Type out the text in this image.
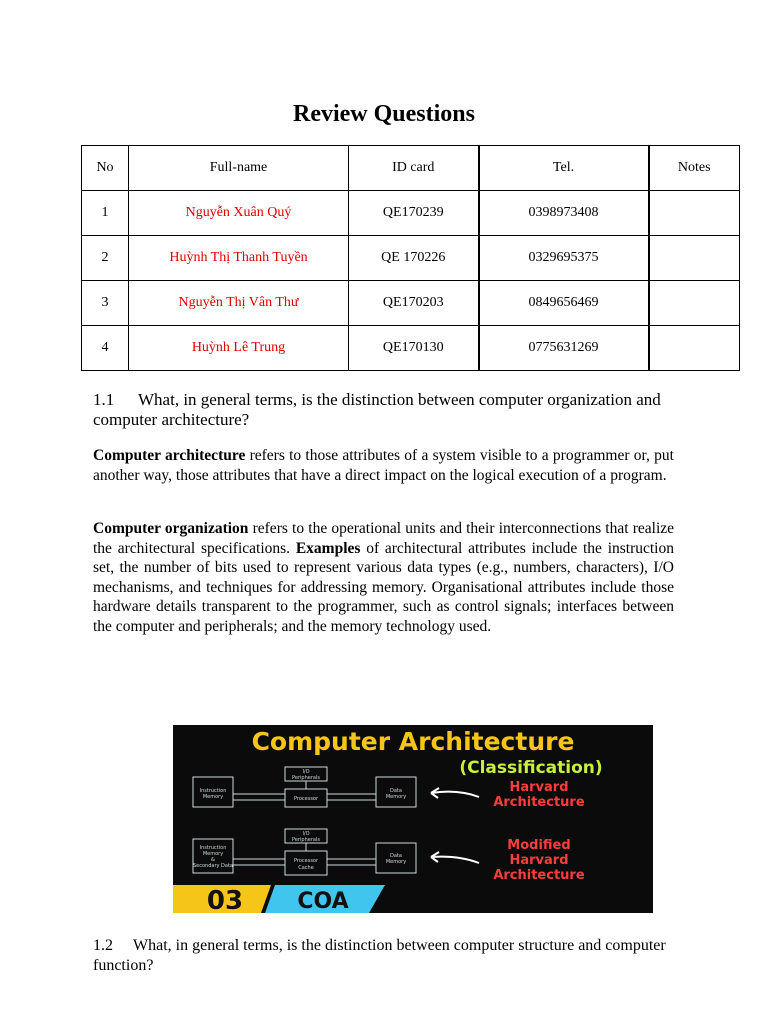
Review Questions
No	Full-name	ID card	Tel.	Notes
1	Nguyễn Xuân Quý	QE170239	0398973408	
2	Huỳnh Thị Thanh Tuyền	QE 170226	0329695375	
3	Nguyễn Thị Vân Thư	QE170203	0849656469	
4	Huỳnh Lê Trung	QE170130	0775631269	

1.1 What, in general terms, is the distinction between computer organization and computer architecture?

Computer architecture refers to those attributes of a system visible to a programmer or, put another way, those attributes that have a direct impact on the logical execution of a program.

Computer organization refers to the operational units and their interconnections that realize the architectural specifications. Examples of architectural attributes include the instruction set, the number of bits used to represent various data types (e.g., numbers, characters), I/O mechanisms, and techniques for addressing memory. Organisational attributes include those hardware details transparent to the programmer, such as control signals; interfaces between the computer and peripherals; and the memory technology used.

Computer Architecture
(Classification)
I/O
Peripherals
Processor
Instruction
Memory
Data
Memory
I/O
Peripherals
Processor
Cache
Instruction
Memory
&
Secondary Data
Data
Memory
Harvard
Architecture
Modified
Harvard
Architecture
03 COA

1.2 What, in general terms, is the distinction between computer structure and computer function?
